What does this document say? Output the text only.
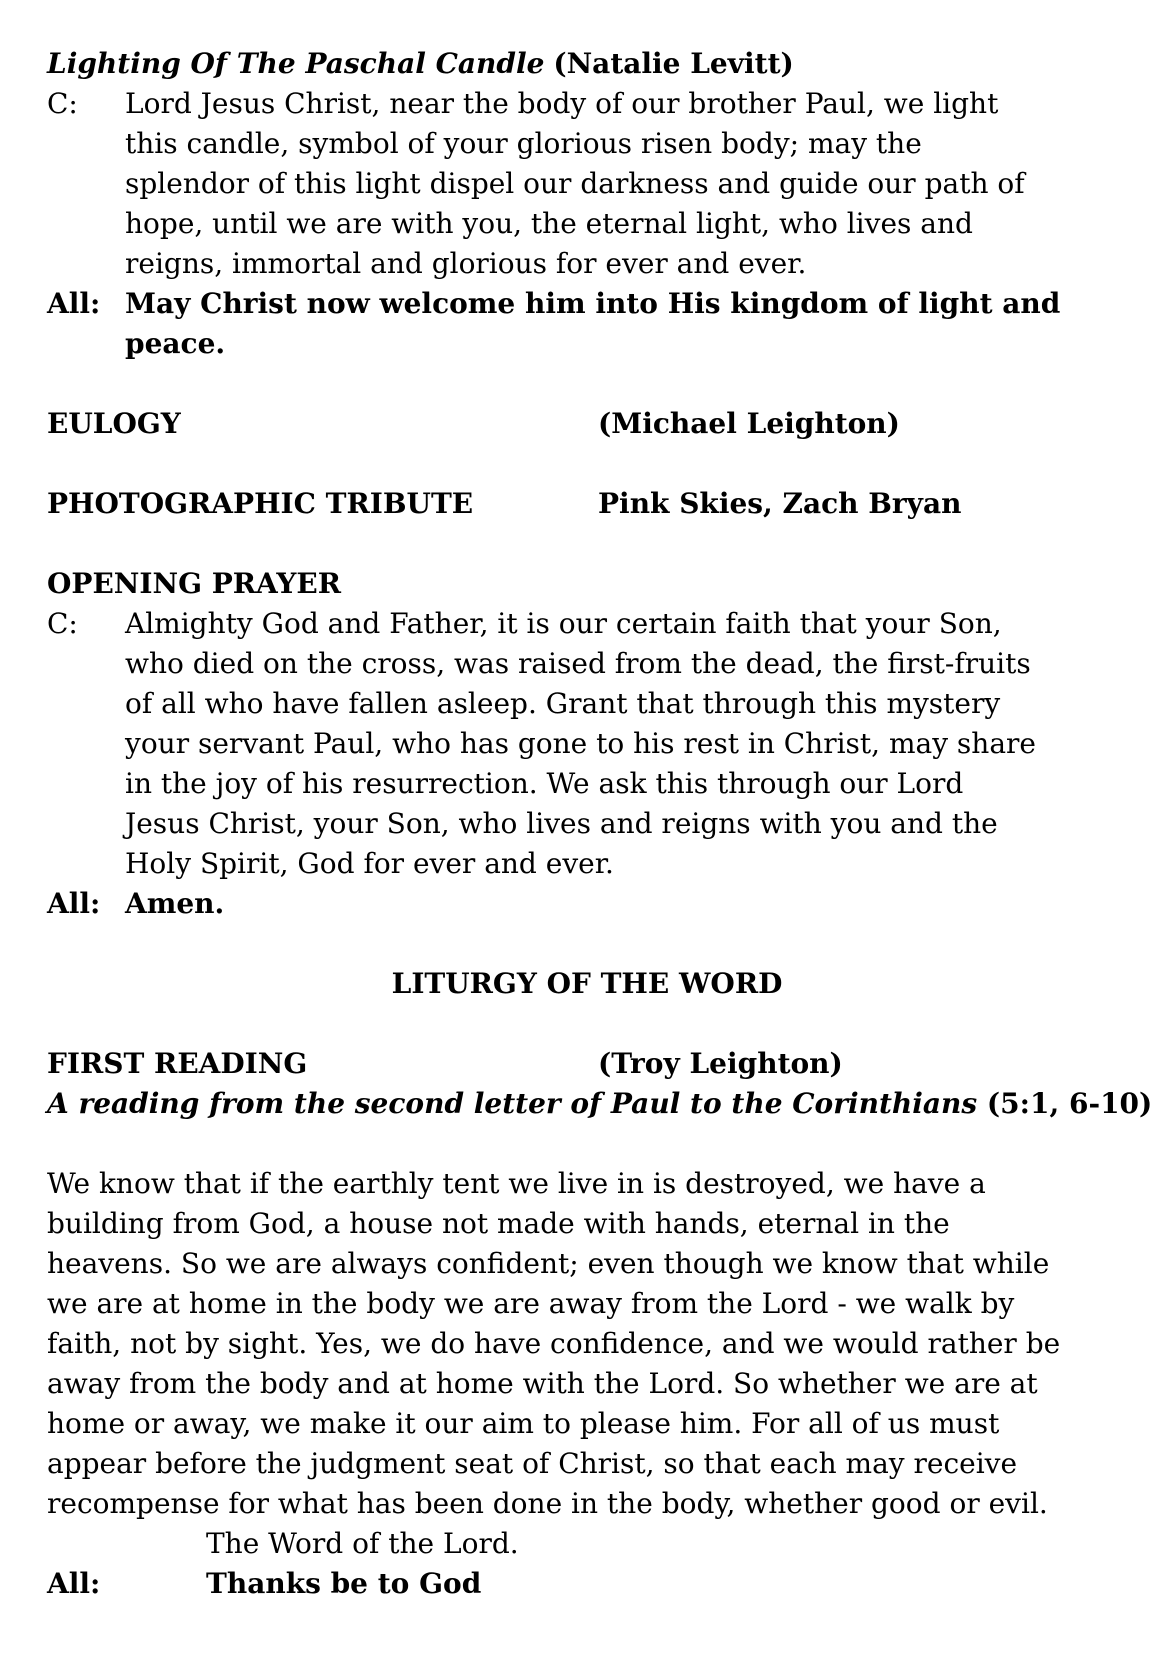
Lighting Of The Paschal Candle (Natalie Levitt)
C:	Lord Jesus Christ, near the body of our brother Paul, we light
this candle, symbol of your glorious risen body; may the
splendor of this light dispel our darkness and guide our path of
hope, until we are with you, the eternal light, who lives and
reigns, immortal and glorious for ever and ever.
All: May Christ now welcome him into His kingdom of light and
peace.
EULOGY	(Michael Leighton)
PHOTOGRAPHIC TRIBUTE	Pink Skies, Zach Bryan
OPENING PRAYER
C:	Almighty God and Father, it is our certain faith that your Son,
who died on the cross, was raised from the dead, the first-fruits
of all who have fallen asleep. Grant that through this mystery
your servant Paul, who has gone to his rest in Christ, may share
in the joy of his resurrection. We ask this through our Lord
Jesus Christ, your Son, who lives and reigns with you and the
Holy Spirit, God for ever and ever.
All: Amen.
LITURGY OF THE WORD
FIRST READING	(Troy Leighton)
A reading from the second letter of Paul to the Corinthians (5:1, 6-10)
We know that if the earthly tent we live in is destroyed, we have a
building from God, a house not made with hands, eternal in the
heavens. So we are always confident; even though we know that while
we are at home in the body we are away from the Lord - we walk by
faith, not by sight. Yes, we do have confidence, and we would rather be
away from the body and at home with the Lord. So whether we are at
home or away, we make it our aim to please him. For all of us must
appear before the judgment seat of Christ, so that each may receive
recompense for what has been done in the body, whether good or evil.
The Word of the Lord.
All:	Thanks be to God
